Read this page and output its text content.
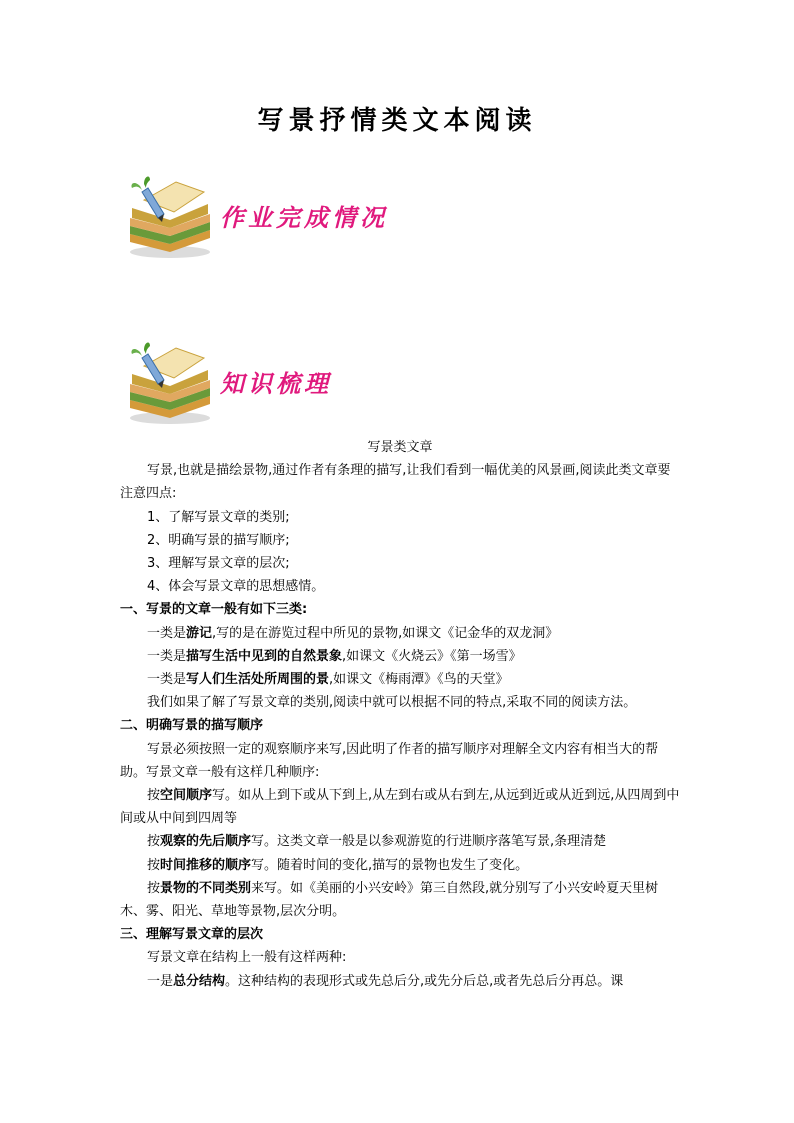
写景抒情类文本阅读
作业完成情况
知识梳理

写景类文章

写景,也就是描绘景物,通过作者有条理的描写,让我们看到一幅优美的风景画,阅读此类文章要注意四点:

1、了解写景文章的类别;

2、明确写景的描写顺序;

3、理解写景文章的层次;

4、体会写景文章的思想感情。

一、写景的文章一般有如下三类:

一类是游记,写的是在游览过程中所见的景物,如课文《记金华的双龙洞》

一类是描写生活中见到的自然景象,如课文《火烧云》《第一场雪》

一类是写人们生活处所周围的景,如课文《梅雨潭》《鸟的天堂》

我们如果了解了写景文章的类别,阅读中就可以根据不同的特点,采取不同的阅读方法。

二、明确写景的描写顺序

写景必须按照一定的观察顺序来写,因此明了作者的描写顺序对理解全文内容有相当大的帮助。写景文章一般有这样几种顺序:

按空间顺序写。如从上到下或从下到上,从左到右或从右到左,从远到近或从近到远,从四周到中间或从中间到四周等

按观察的先后顺序写。这类文章一般是以参观游览的行进顺序落笔写景,条理清楚

按时间推移的顺序写。随着时间的变化,描写的景物也发生了变化。

按景物的不同类别来写。如《美丽的小兴安岭》第三自然段,就分别写了小兴安岭夏天里树木、雾、阳光、草地等景物,层次分明。

三、理解写景文章的层次

写景文章在结构上一般有这样两种:

一是总分结构。这种结构的表现形式或先总后分,或先分后总,或者先总后分再总。课
